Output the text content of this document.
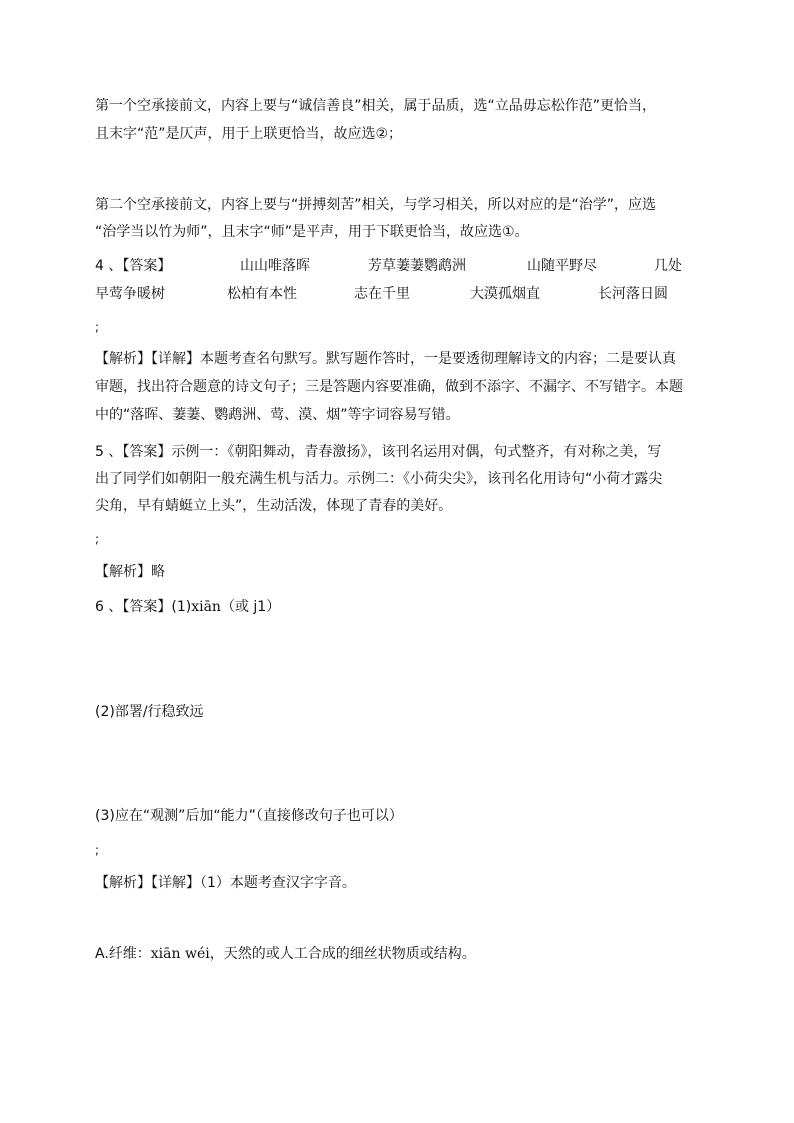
第一个空承接前文，内容上要与“诚信善良”相关，属于品质，选“立品毋忘松作范”更恰当，
且末字“范”是仄声，用于上联更恰当，故应选②；
第二个空承接前文，内容上要与“拼搏刻苦”相关，与学习相关，所以对应的是“治学”，应选
“治学当以竹为师”，且末字“师”是平声，用于下联更恰当，故应选①。
4 、【答案】	山山唯落晖	芳草萋萋鹦鹉洲	山随平野尽	几处
早莺争暖树	松柏有本性	志在千里	大漠孤烟直	长河落日圆
;
【解析】【详解】本题考查名句默写。默写题作答时，一是要透彻理解诗文的内容；二是要认真
审题，找出符合题意的诗文句子；三是答题内容要准确，做到不添字、不漏字、不写错字。本题
中的“落晖、萋萋、鹦鹉洲、莺、漠、烟”等字词容易写错。
5 、【答案】示例一：《朝阳舞动，青春激扬》，该刊名运用对偶，句式整齐，有对称之美，写
出了同学们如朝阳一般充满生机与活力。示例二：《小荷尖尖》，该刊名化用诗句“小荷才露尖
尖角，早有蜻蜓立上头”，生动活泼，体现了青春的美好。
;
【解析】略
6 、【答案】(1)xiān（或 j1）
(2)部署/行稳致远
(3)应在“观测”后加“能力”（直接修改句子也可以）
;
【解析】【详解】（1）本题考查汉字字音。
A.纤维：xiān wéi，天然的或人工合成的细丝状物质或结构。
